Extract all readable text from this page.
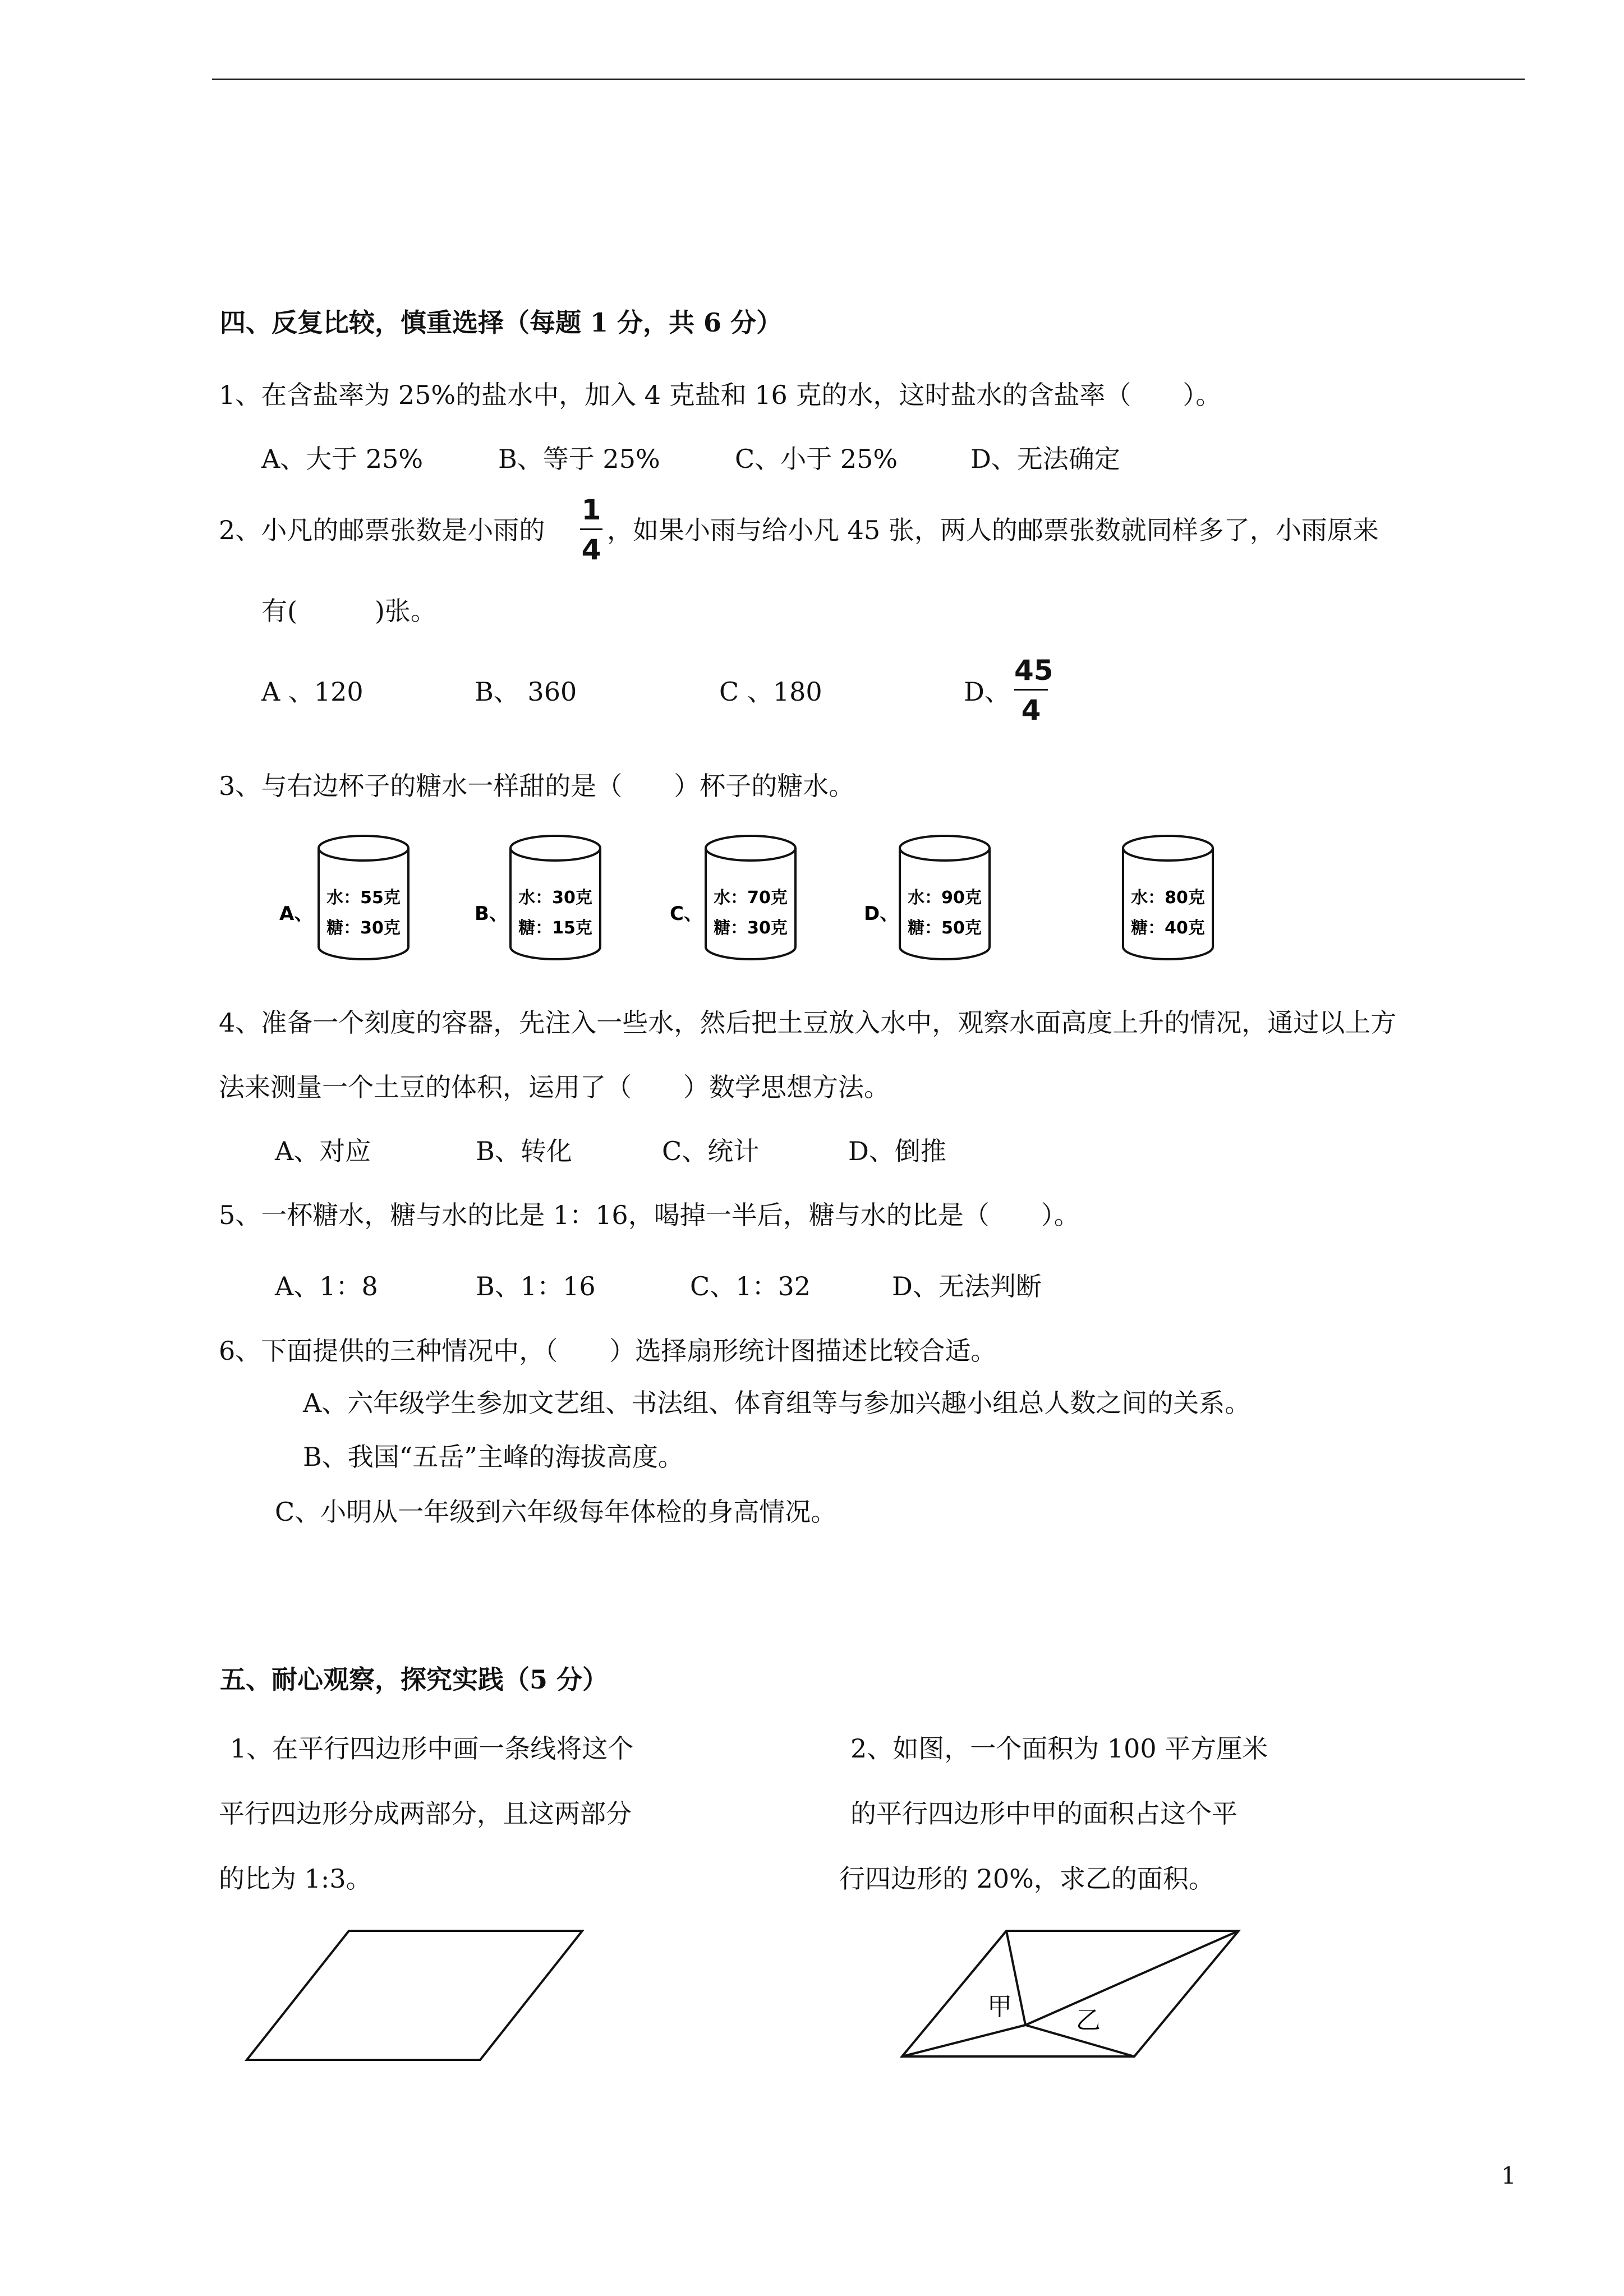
四、反复比较，慎重选择（每题 1 分，共 6 分）
1、在含盐率为 25%的盐水中，加入 4 克盐和 16 克的水，这时盐水的含盐率（　　）。
A、大于 25%	B、等于 25%	C、小于 25%	D、无法确定
2、小凡的邮票张数是小雨的
1
4
，如果小雨与给小凡 45 张，两人的邮票张数就同样多了，小雨原来
有(　　　)张。
A 、120	B、 360	C 、180	D、
45
4
3、与右边杯子的糖水一样甜的是（　　）杯子的糖水。
A、
水：55克
糖：30克
B、
水：30克
糖：15克
C、
水：70克
糖：30克
D、
水：90克
糖：50克
水：80克
糖：40克
4、准备一个刻度的容器，先注入一些水，然后把土豆放入水中，观察水面高度上升的情况，通过以上方
法来测量一个土豆的体积，运用了（　　）数学思想方法。
A、对应	B、转化	C、统计	D、倒推
5、一杯糖水，糖与水的比是 1：16，喝掉一半后，糖与水的比是（　　）。
A、1：8	B、1：16	C、1：32	D、无法判断
6、下面提供的三种情况中，（　　）选择扇形统计图描述比较合适。
A、六年级学生参加文艺组、书法组、体育组等与参加兴趣小组总人数之间的关系。
B、我国“五岳”主峰的海拔高度。
C、小明从一年级到六年级每年体检的身高情况。
五、耐心观察，探究实践（5 分）
1、在平行四边形中画一条线将这个
平行四边形分成两部分，且这两部分
的比为 1:3。
2、如图，一个面积为 100 平方厘米
的平行四边形中甲的面积占这个平
行四边形的 20%，求乙的面积。
甲	乙
1
